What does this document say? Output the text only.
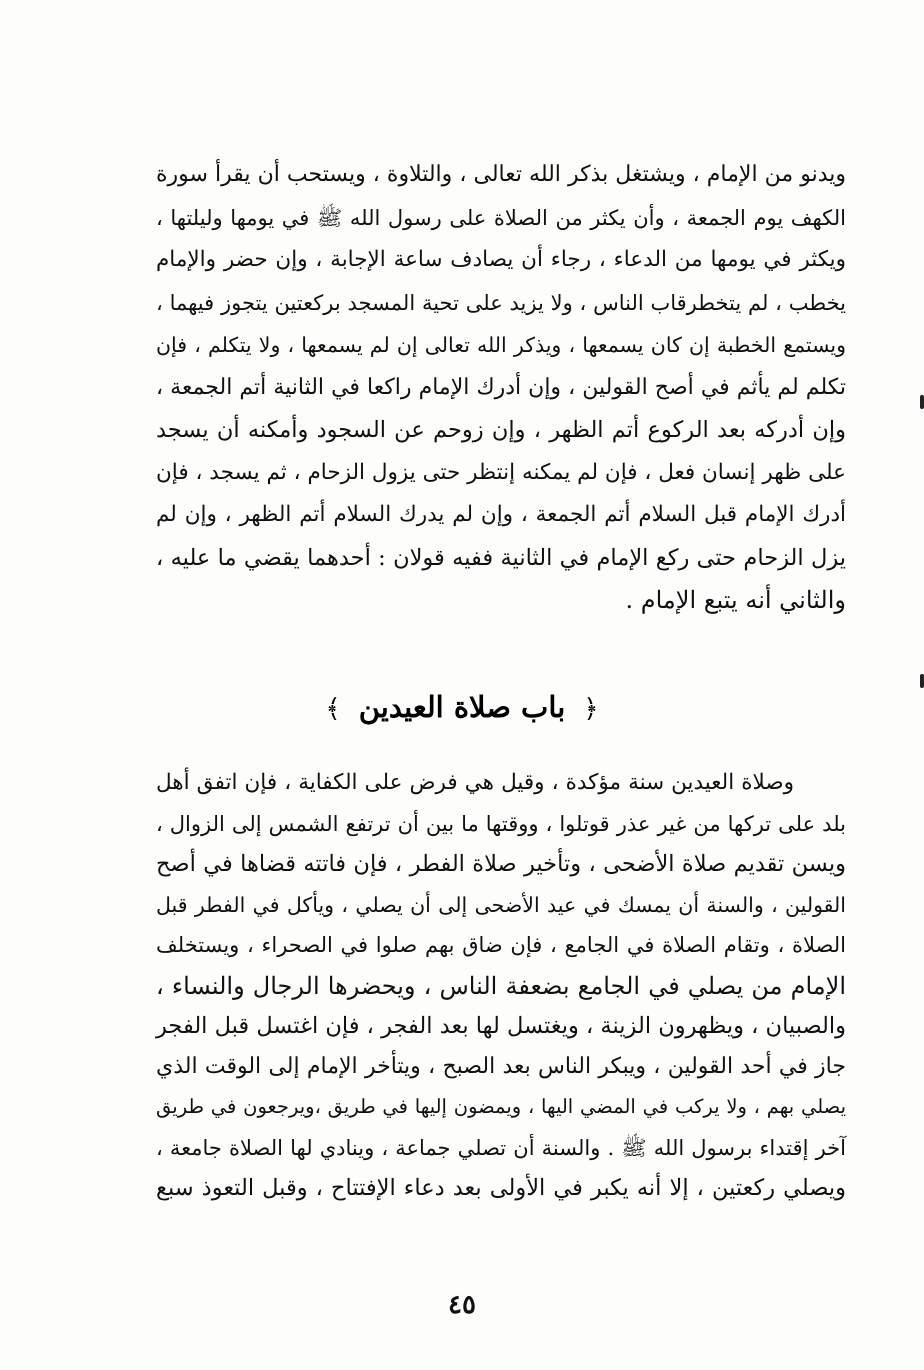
ويدنو من الإمام ، ويشتغل بذكر الله تعالى ، والتلاوة ، ويستحب أن يقرأ سورة
الكهف يوم الجمعة ، وأن يكثر من الصلاة على رسول الله ﷺ في يومها وليلتها ،
ويكثر في يومها من الدعاء ، رجاء أن يصادف ساعة الإجابة ، وإن حضر والإمام
يخطب ، لم يتخطرقاب الناس ، ولا يزيد على تحية المسجد بركعتين يتجوز فيهما ،
ويستمع الخطبة إن كان يسمعها ، ويذكر الله تعالى إن لم يسمعها ، ولا يتكلم ، فإن
تكلم لم يأثم في أصح القولين ، وإن أدرك الإمام راكعا في الثانية أتم الجمعة ،
وإن أدركه بعد الركوع أتم الظهر ، وإن زوحم عن السجود وأمكنه أن يسجد
على ظهر إنسان فعل ، فإن لم يمكنه إنتظر حتى يزول الزحام ، ثم يسجد ، فإن
أدرك الإمام قبل السلام أتم الجمعة ، وإن لم يدرك السلام أتم الظهر ، وإن لم
يزل الزحام حتى ركع الإمام في الثانية ففيه قولان : أحدهما يقضي ما عليه ،
والثاني أنه يتبع الإمام .
﴿ باب صلاة العيدين ﴾
وصلاة العيدين سنة مؤكدة ، وقيل هي فرض على الكفاية ، فإن اتفق أهل
بلد على تركها من غير عذر قوتلوا ، ووقتها ما بين أن ترتفع الشمس إلى الزوال ،
ويسن تقديم صلاة الأضحى ، وتأخير صلاة الفطر ، فإن فاتته قضاها في أصح
القولين ، والسنة أن يمسك في عيد الأضحى إلى أن يصلي ، ويأكل في الفطر قبل
الصلاة ، وتقام الصلاة في الجامع ، فإن ضاق بهم صلوا في الصحراء ، ويستخلف
الإمام من يصلي في الجامع بضعفة الناس ، ويحضرها الرجال والنساء ،
والصبيان ، ويظهرون الزينة ، ويغتسل لها بعد الفجر ، فإن اغتسل قبل الفجر
جاز في أحد القولين ، ويبكر الناس بعد الصبح ، ويتأخر الإمام إلى الوقت الذي
يصلي بهم ، ولا يركب في المضي اليها ، ويمضون إليها في طريق ،ويرجعون في طريق
آخر إقتداء برسول الله ﷺ . والسنة أن تصلي جماعة ، وينادي لها الصلاة جامعة ،
ويصلي ركعتين ، إلا أنه يكبر في الأولى بعد دعاء الإفتتاح ، وقبل التعوذ سبع
٤٥
